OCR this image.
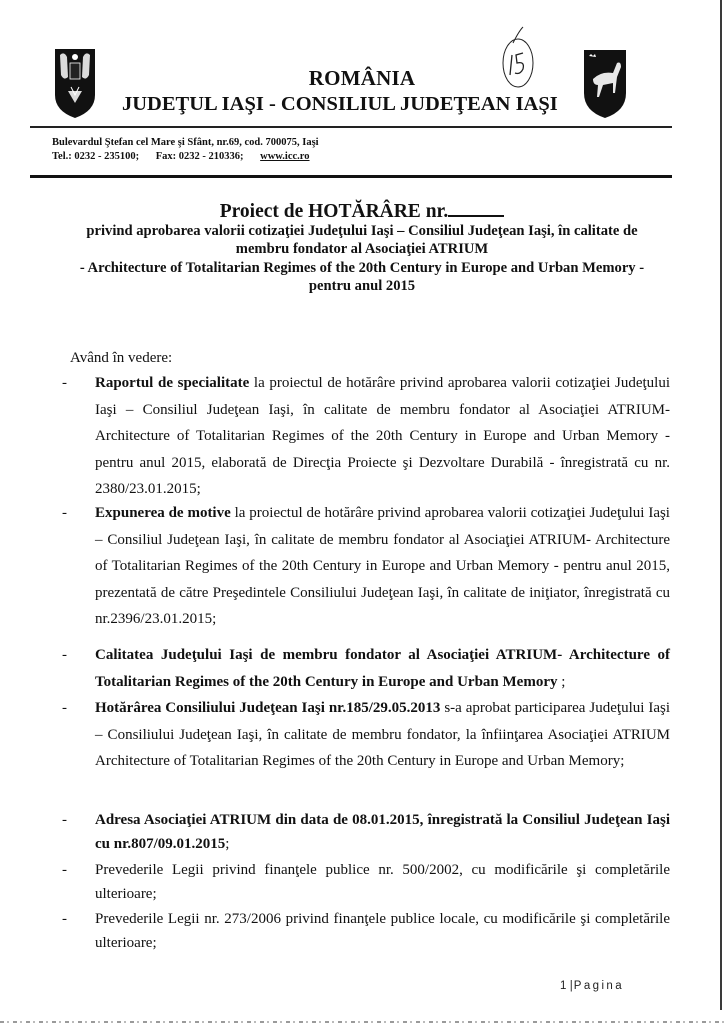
ROMÂNIA
JUDEŢUL IAŞI - CONSILIUL JUDEŢEAN IAŞI
Bulevardul Ştefan cel Mare şi Sfânt, nr.69, cod. 700075, Iaşi
Tel.: 0232 - 235100; Fax: 0232 - 210336; www.icc.ro
Proiect de HOTĂRÂRE nr.
privind aprobarea valorii cotizaţiei Judeţului Iaşi – Consiliul Judeţean Iaşi, în calitate de
membru fondator al Asociaţiei ATRIUM
- Architecture of Totalitarian Regimes of the 20th Century in Europe and Urban Memory -
pentru anul 2015
Având în vedere:
-	Raportul de specialitate la proiectul de hotărâre privind aprobarea valorii cotizaţiei Judeţului Iaşi – Consiliul Judeţean Iaşi, în calitate de membru fondator al Asociaţiei ATRIUM- Architecture of Totalitarian Regimes of the 20th Century in Europe and Urban Memory - pentru anul 2015, elaborată de Direcţia Proiecte şi Dezvoltare Durabilă - înregistrată cu nr. 2380/23.01.2015;
-	Expunerea de motive la proiectul de hotărâre privind aprobarea valorii cotizaţiei Judeţului Iaşi – Consiliul Judeţean Iaşi, în calitate de membru fondator al Asociaţiei ATRIUM- Architecture of Totalitarian Regimes of the 20th Century in Europe and Urban Memory - pentru anul 2015, prezentată de către Preşedintele Consiliului Judeţean Iaşi, în calitate de iniţiator, înregistrată cu nr.2396/23.01.2015;
-	Calitatea Judeţului Iaşi de membru fondator al Asociaţiei ATRIUM- Architecture of Totalitarian Regimes of the 20th Century in Europe and Urban Memory ;
-	Hotărârea Consiliului Judeţean Iaşi nr.185/29.05.2013 s-a aprobat participarea Judeţului Iaşi – Consiliului Judeţean Iaşi, în calitate de membru fondator, la înfiinţarea Asociaţiei ATRIUM Architecture of Totalitarian Regimes of the 20th Century in Europe and Urban Memory;
-	Adresa Asociaţiei ATRIUM din data de 08.01.2015, înregistrată la Consiliul Judeţean Iaşi cu nr.807/09.01.2015;
-	Prevederile Legii privind finanţele publice nr. 500/2002, cu modificările şi completările ulterioare;
-	Prevederile Legii nr. 273/2006 privind finanţele publice locale, cu modificările şi completările ulterioare;
1|Pagina
